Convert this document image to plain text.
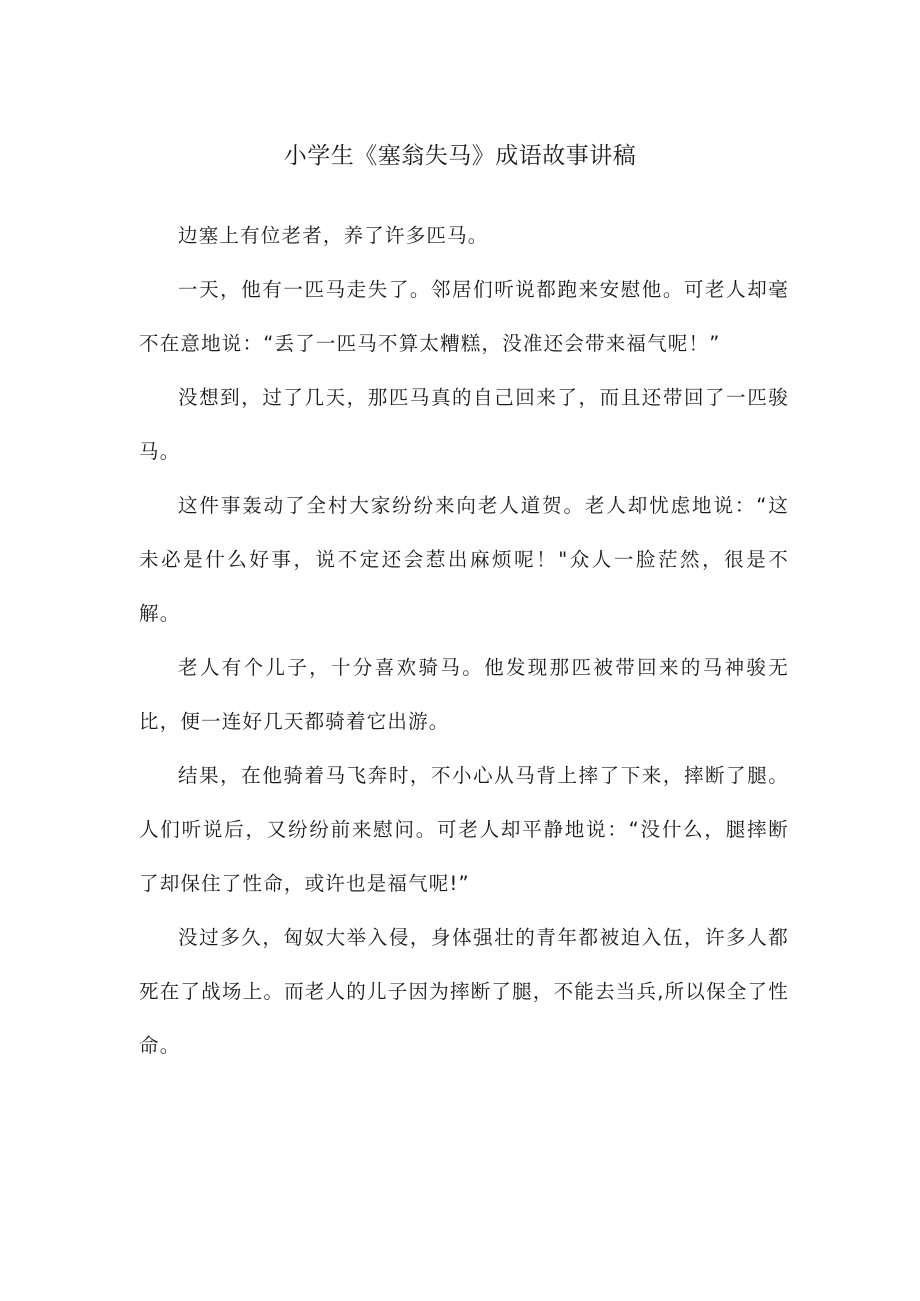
小学生《塞翁失马》成语故事讲稿

边塞上有位老者，养了许多匹马。

一天，他有一匹马走失了。邻居们听说都跑来安慰他。可老人却毫不在意地说：“丢了一匹马不算太糟糕，没准还会带来福气呢！”

没想到，过了几天，那匹马真的自己回来了，而且还带回了一匹骏马。

这件事轰动了全村大家纷纷来向老人道贺。老人却忧虑地说：“这未必是什么好事，说不定还会惹出麻烦呢！"众人一脸茫然，很是不解。

老人有个儿子，十分喜欢骑马。他发现那匹被带回来的马神骏无比，便一连好几天都骑着它出游。

结果，在他骑着马飞奔时，不小心从马背上摔了下来，摔断了腿。人们听说后，又纷纷前来慰问。可老人却平静地说：“没什么，腿摔断了却保住了性命，或许也是福气呢!”

没过多久，匈奴大举入侵，身体强壮的青年都被迫入伍，许多人都死在了战场上。而老人的儿子因为摔断了腿，不能去当兵,所以保全了性命。
